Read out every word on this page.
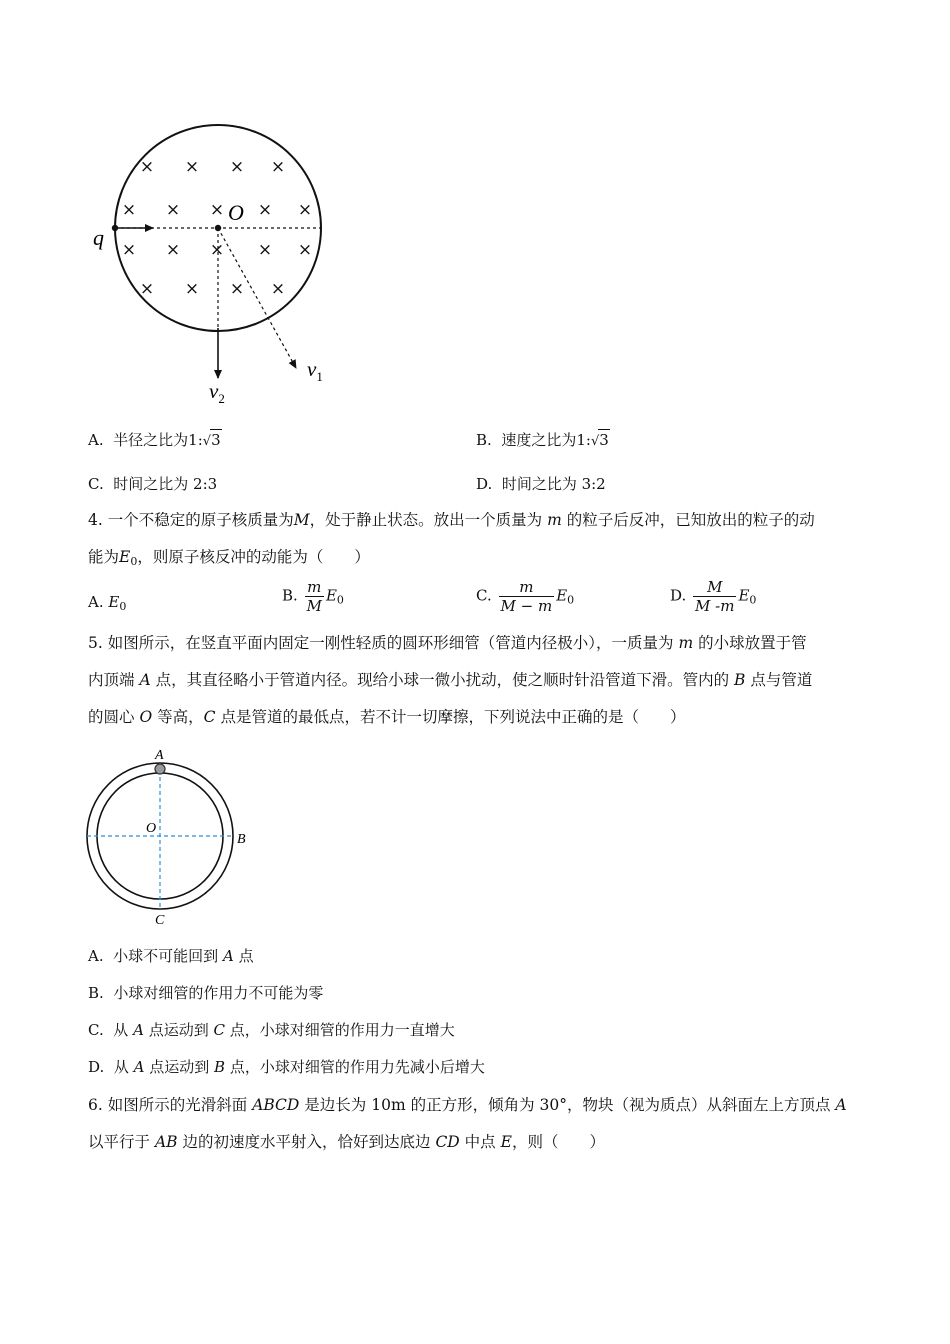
× × × ×
× × × × ×
× × × × ×
× × × ×
q
O
$v_1$
$v_2$
A. 半径之比为1:√3	B. 速度之比为1:√3
C. 时间之比为 2:3	D. 时间之比为 3:2
4. 一个不稳定的原子核质量为M，处于静止状态。放出一个质量为 m 的粒子后反冲，已知放出的粒子的动
能为$E_0$，则原子核反冲的动能为（　　）
A. $E_0$
B. $\frac{m}{M} E_0$	C. $\frac{m}{M - m} E_0$	D. $\frac{M}{M -m} E_0$
5. 如图所示，在竖直平面内固定一刚性轻质的圆环形细管（管道内径极小），一质量为 m 的小球放置于管
内顶端 A 点，其直径略小于管道内径。现给小球一微小扰动，使之顺时针沿管道下滑。管内的 B 点与管道
的圆心 O 等高，C 点是管道的最低点，若不计一切摩擦，下列说法中正确的是（　　）
A
O
B
C
A. 小球不可能回到 A 点
B. 小球对细管的作用力不可能为零
C. 从 A 点运动到 C 点，小球对细管的作用力一直增大
D. 从 A 点运动到 B 点，小球对细管的作用力先减小后增大
6. 如图所示的光滑斜面 ABCD 是边长为 10m 的正方形，倾角为 30°，物块（视为质点）从斜面左上方顶点 A
以平行于 AB 边的初速度水平射入，恰好到达底边 CD 中点 E，则（　　）
